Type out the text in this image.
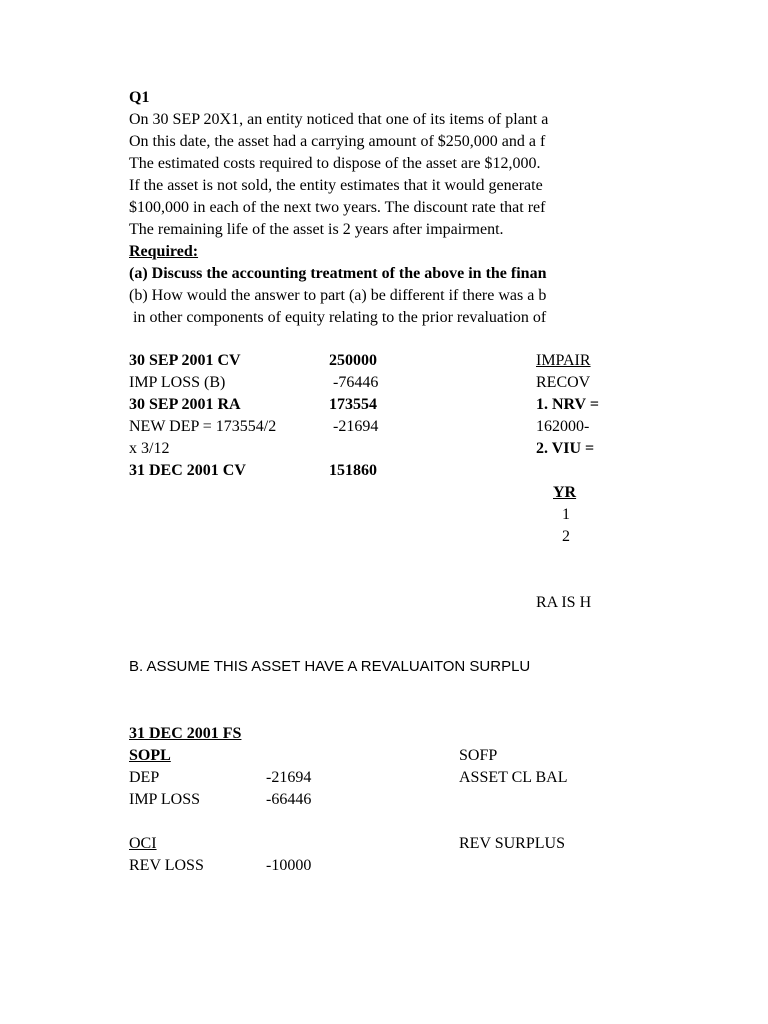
Q1
On 30 SEP 20X1, an entity noticed that one of its items of plant a
On this date, the asset had a carrying amount of $250,000 and a f
The estimated costs required to dispose of the asset are $12,000.
If the asset is not sold, the entity estimates that it would generate
$100,000 in each of the next two years. The discount rate that ref
The remaining life of the asset is 2 years after impairment.
Required:
(a) Discuss the accounting treatment of the above in the finan
(b) How would the answer to part (a) be different if there was a b
in other components of equity relating to the prior revaluation of
30 SEP 2001 CV	250000
IMP LOSS (B)	-76446
30 SEP 2001 RA	173554
NEW DEP = 173554/2	-21694
x 3/12
31 DEC 2001 CV	151860
IMPAIR
RECOV
1. NRV =
162000-
2. VIU =
YR
1
2
RA IS H
B. ASSUME THIS ASSET HAVE A REVALUAITON SURPLU
31 DEC 2001 FS
SOPL
DEP	-21694
IMP LOSS	-66446
OCI
REV LOSS	-10000
SOFP
ASSET CL BAL
REV SURPLUS
